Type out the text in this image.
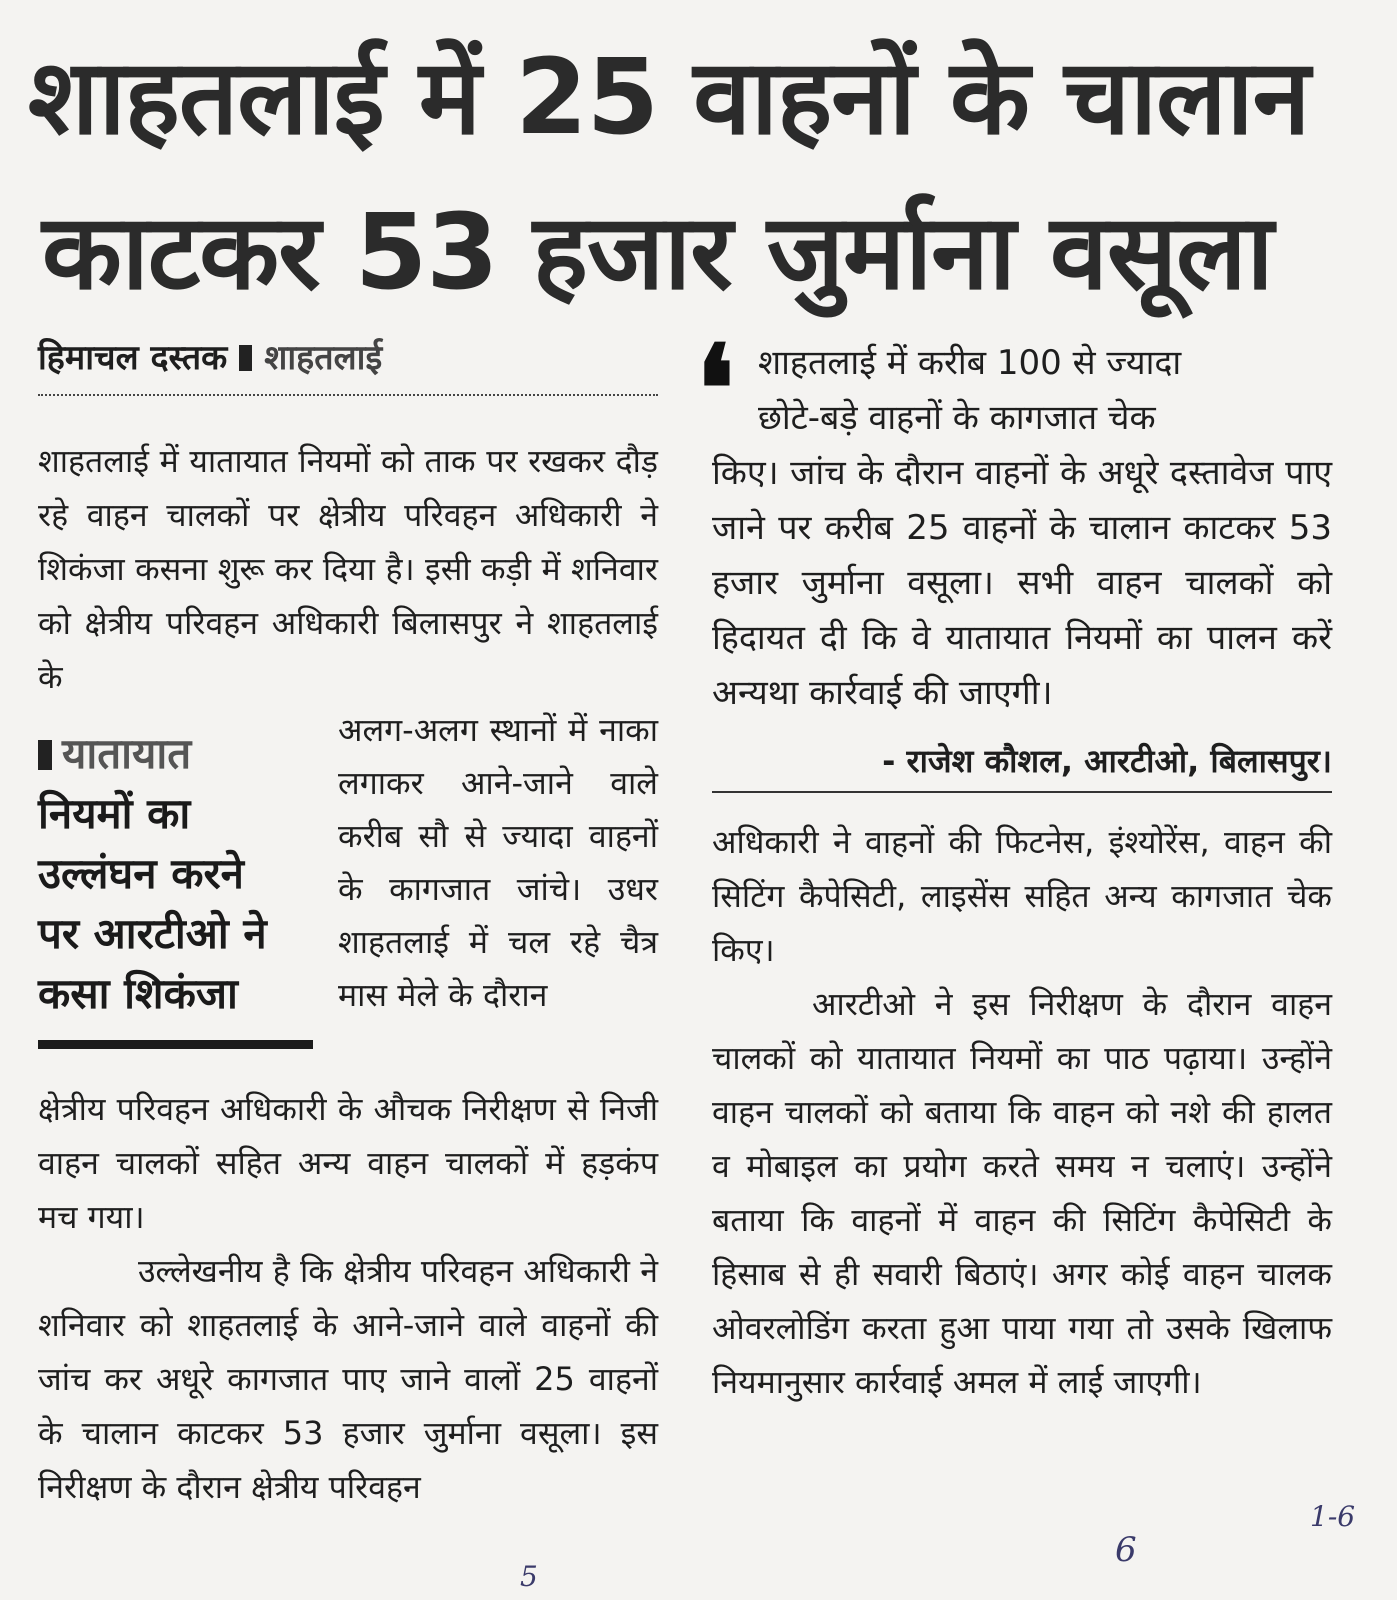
शाहतलाई में 25 वाहनों के चालान
काटकर 53 हजार जुर्माना वसूला
हिमाचल दस्तक शाहतलाई

शाहतलाई में यातायात नियमों को ताक पर रखकर दौड़ रहे वाहन चालकों पर क्षेत्रीय परिवहन अधिकारी ने शिकंजा कसना शुरू कर दिया है। इसी कड़ी में शनिवार को क्षेत्रीय परिवहन अधिकारी बिलासपुर ने शाहतलाई के

यातायात
नियमों का
उल्लंघन करने
पर आरटीओ ने
कसा शिकंजा

अलग-अलग स्थानों में नाका लगाकर आने-जाने वाले करीब सौ से ज्यादा वाहनों के कागजात जांचे। उधर शाहतलाई में चल रहे चैत्र मास मेले के दौरान

क्षेत्रीय परिवहन अधिकारी के औचक निरीक्षण से निजी वाहन चालकों सहित अन्य वाहन चालकों में हड़कंप मच गया।

उल्लेखनीय है कि क्षेत्रीय परिवहन अधिकारी ने शनिवार को शाहतलाई के आने-जाने वाले वाहनों की जांच कर अधूरे कागजात पाए जाने वालों 25 वाहनों के चालान काटकर 53 हजार जुर्माना वसूला। इस निरीक्षण के दौरान क्षेत्रीय परिवहन

❛ शाहतलाई में करीब 100 से ज्यादा

छोटे-बड़े वाहनों के कागजात चेक

किए। जांच के दौरान वाहनों के अधूरे दस्तावेज पाए जाने पर करीब 25 वाहनों के चालान काटकर 53 हजार जुर्माना वसूला। सभी वाहन चालकों को हिदायत दी कि वे यातायात नियमों का पालन करें अन्यथा कार्रवाई की जाएगी।

- राजेश कौशल, आरटीओ, बिलासपुर।

अधिकारी ने वाहनों की फिटनेस, इंश्योरेंस, वाहन की सिटिंग कैपेसिटी, लाइसेंस सहित अन्य कागजात चेक किए।

आरटीओ ने इस निरीक्षण के दौरान वाहन चालकों को यातायात नियमों का पाठ पढ़ाया। उन्होंने वाहन चालकों को बताया कि वाहन को नशे की हालत व मोबाइल का प्रयोग करते समय न चलाएं। उन्होंने बताया कि वाहनों में वाहन की सिटिंग कैपेसिटी के हिसाब से ही सवारी बिठाएं। अगर कोई वाहन चालक ओवरलोडिंग करता हुआ पाया गया तो उसके खिलाफ नियमानुसार कार्रवाई अमल में लाई जाएगी।

6
1-6
5
